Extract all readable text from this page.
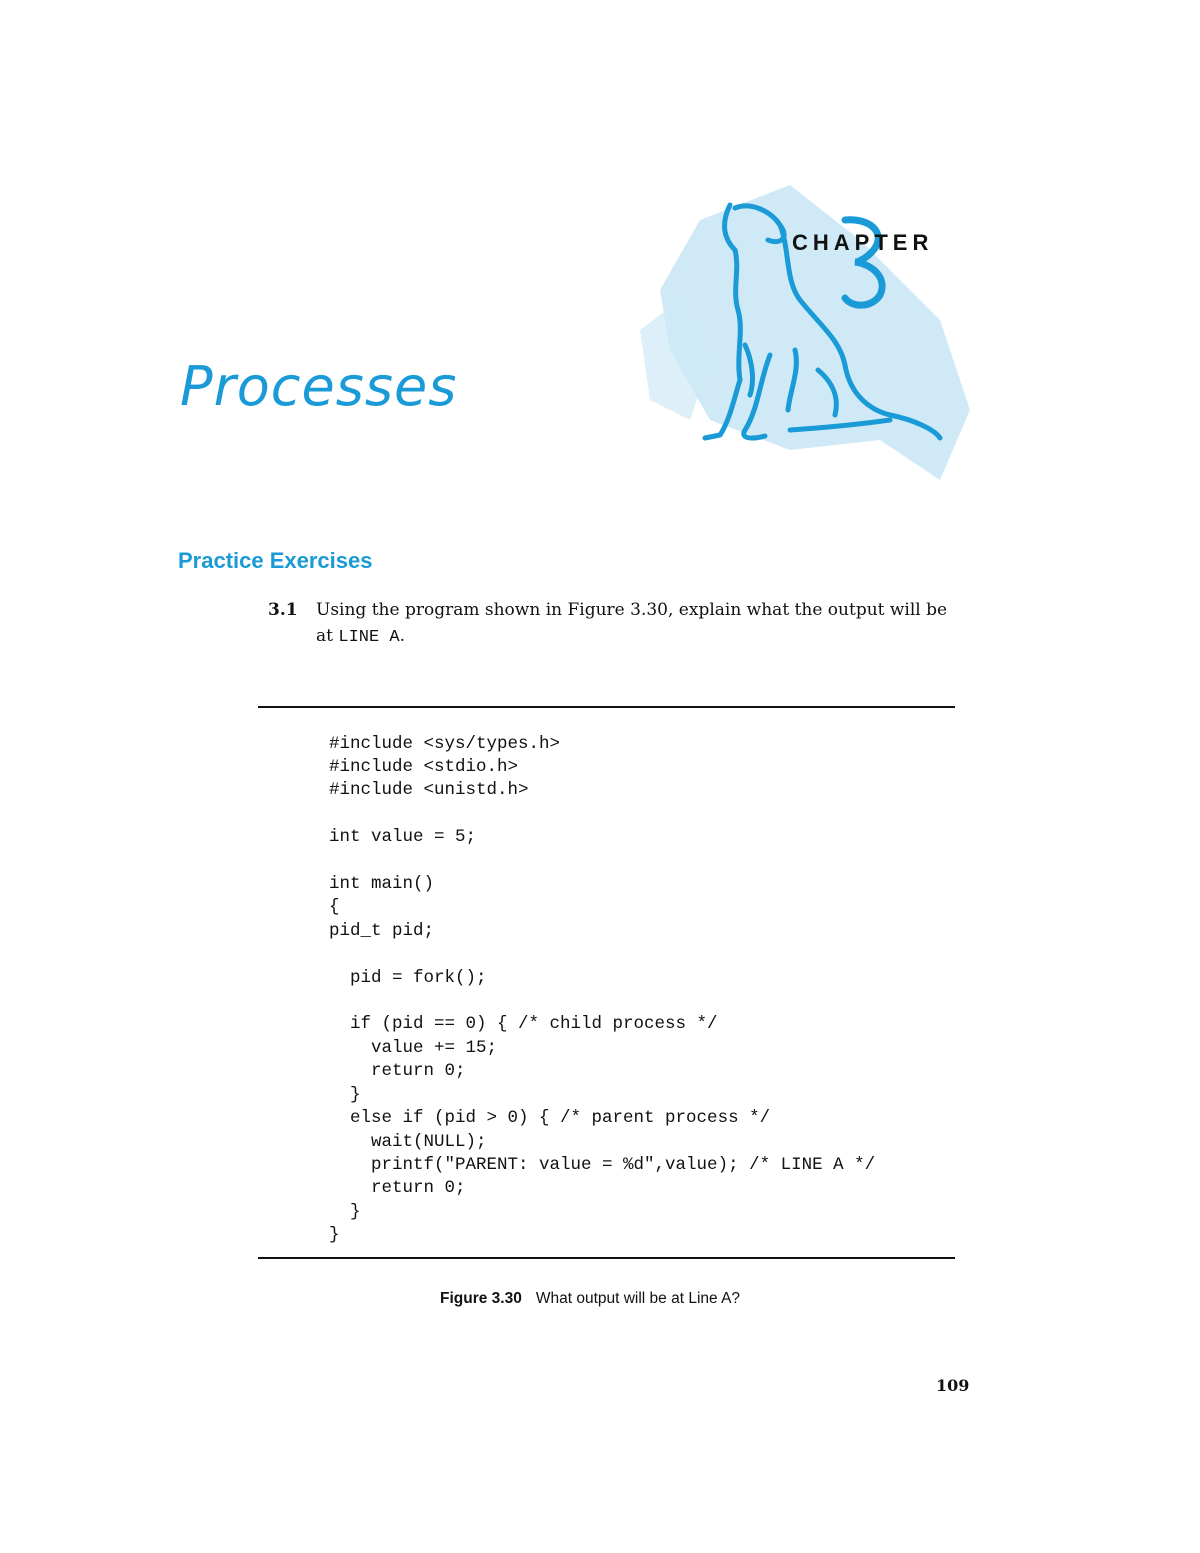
CHAPTER
Processes
Practice Exercises
3.1 Using the program shown in Figure 3.30, explain what the output will be at LINE A.
#include <sys/types.h>
#include <stdio.h>
#include <unistd.h>
int value = 5;
int main()
{
pid_t pid;
pid = fork();
if (pid == 0) { /* child process */
value += 15;
return 0;
}
else if (pid > 0) { /* parent process */
wait(NULL);
printf("PARENT: value = %d",value); /* LINE A */
return 0;
}
}
Figure 3.30 What output will be at Line A?
109
